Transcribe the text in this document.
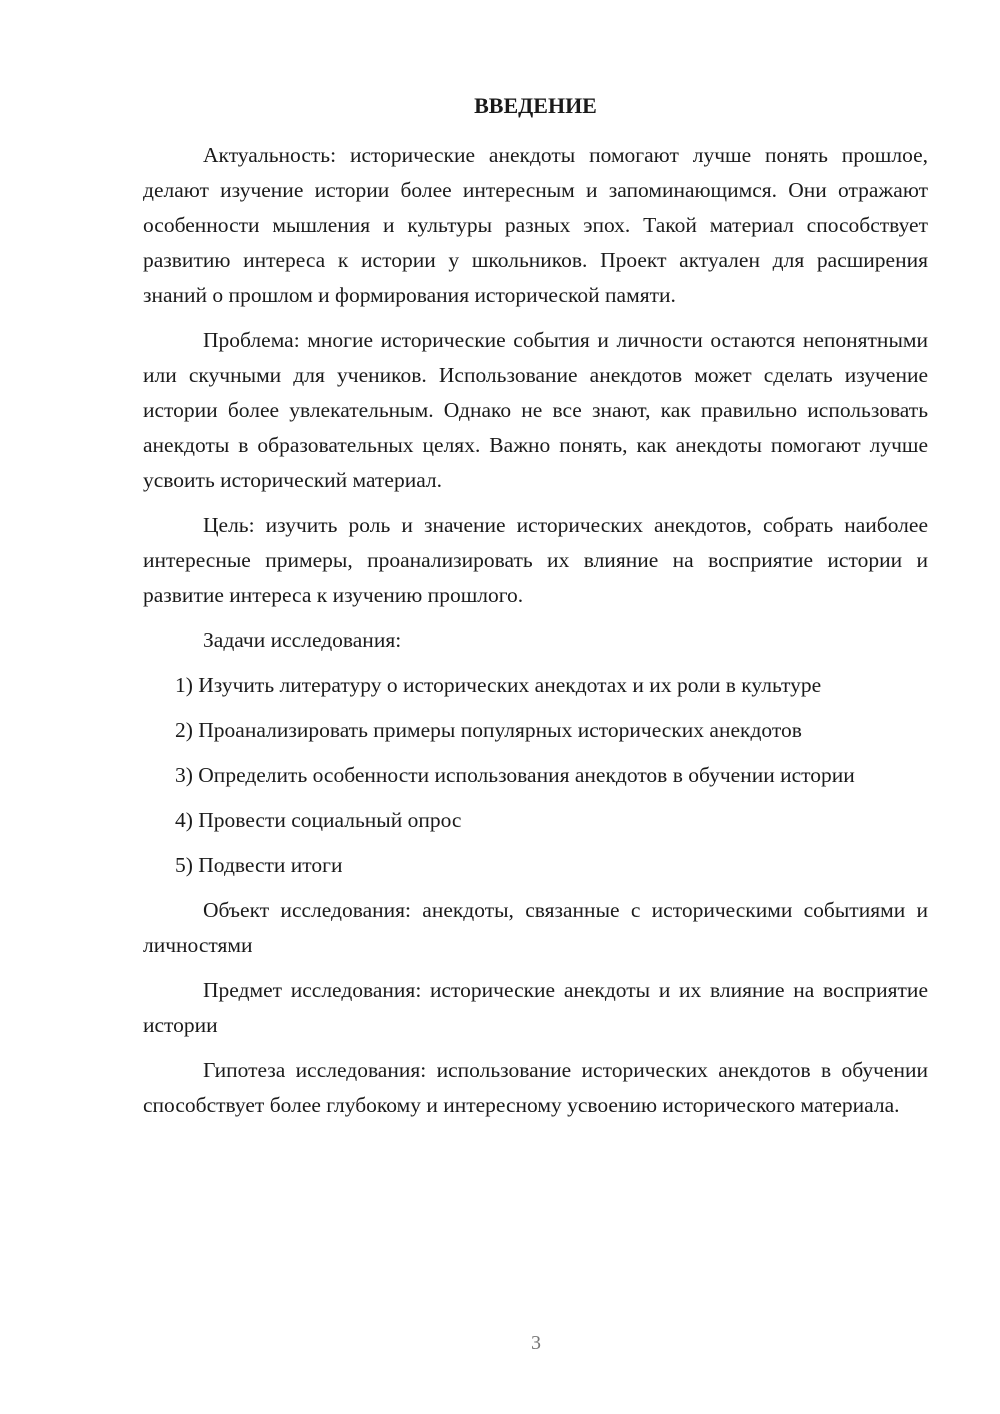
ВВЕДЕНИЕ

Актуальность: исторические анекдоты помогают лучше понять прошлое, делают изучение истории более интересным и запоминающимся. Они отражают особенности мышления и культуры разных эпох. Такой материал способствует развитию интереса к истории у школьников. Проект актуален для расширения знаний о прошлом и формирования исторической памяти.

Проблема: многие исторические события и личности остаются непонятными или скучными для учеников. Использование анекдотов может сделать изучение истории более увлекательным. Однако не все знают, как правильно использовать анекдоты в образовательных целях. Важно понять, как анекдоты помогают лучше усвоить исторический материал.

Цель: изучить роль и значение исторических анекдотов, собрать наиболее интересные примеры, проанализировать их влияние на восприятие истории и развитие интереса к изучению прошлого.

Задачи исследования:

1) Изучить литературу о исторических анекдотах и их роли в культуре

2) Проанализировать примеры популярных исторических анекдотов

3) Определить особенности использования анекдотов в обучении истории

4) Провести социальный опрос

5) Подвести итоги

Объект исследования: анекдоты, связанные с историческими событиями и личностями

Предмет исследования: исторические анекдоты и их влияние на восприятие истории

Гипотеза исследования: использование исторических анекдотов в обучении способствует более глубокому и интересному усвоению исторического материала.

3
